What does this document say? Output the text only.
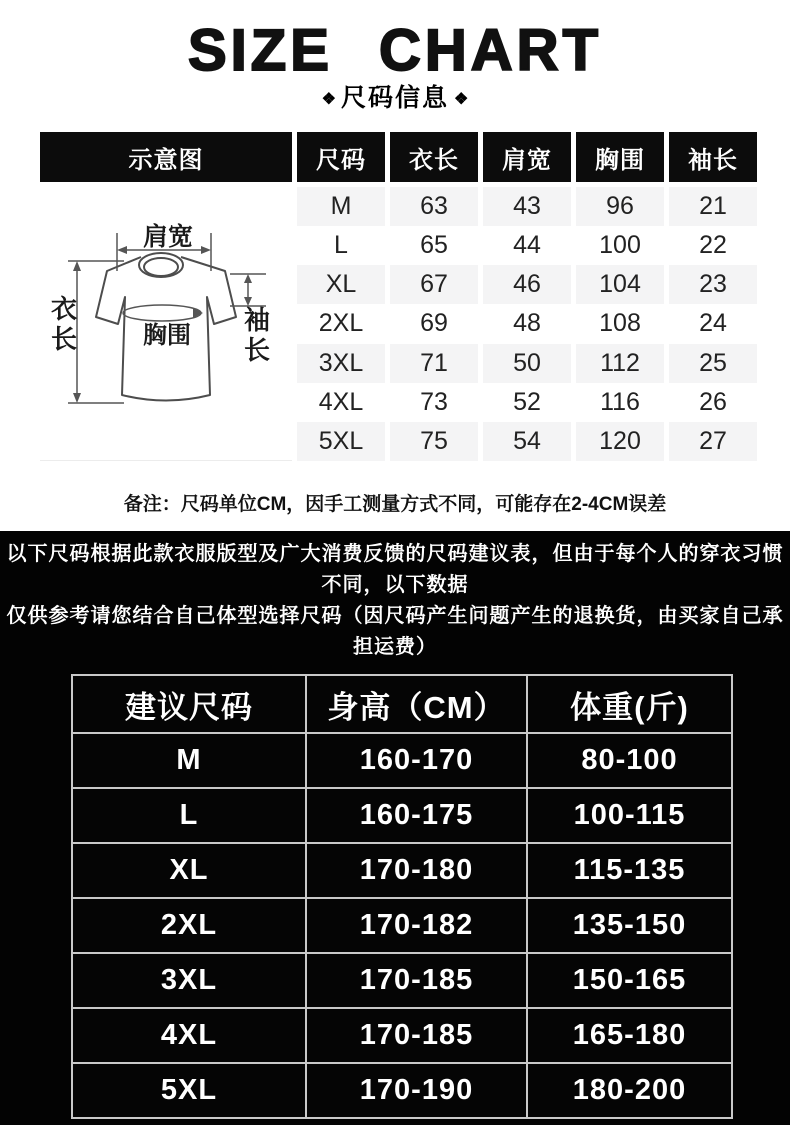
SIZE CHART
❖ 尺码信息 ❖
示意图	尺码	衣长	肩宽	胸围	袖长

肩宽
胸围
衣
长
袖
长
	M	63	43	96	21
	L	65	44	100	22
	XL	67	46	104	23
	2XL	69	48	108	24
	3XL	71	50	112	25
	4XL	73	52	116	26
	5XL	75	54	120	27

备注：尺码单位CM，因手工测量方式不同，可能存在2-4CM误差

以下尺码根据此款衣服版型及广大消费反馈的尺码建议表，但由于每个人的穿衣习惯不同，以下数据
仅供参考请您结合自己体型选择尺码（因尺码产生问题产生的退换货，由买家自己承担运费）
建议尺码	身高（CM）	体重(斤)
M	160-170	80-100
L	160-175	100-115
XL	170-180	115-135
2XL	170-182	135-150
3XL	170-185	150-165
4XL	170-185	165-180
5XL	170-190	180-200
